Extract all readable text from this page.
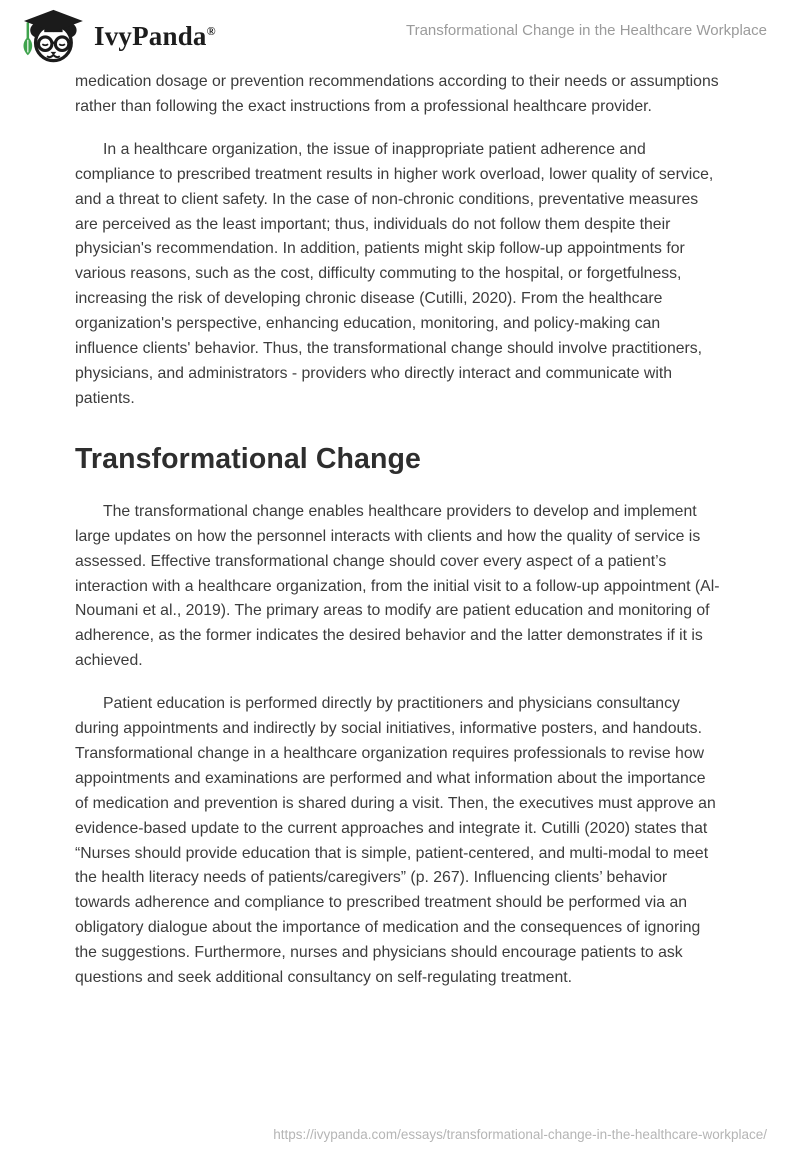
IvyPanda®	Transformational Change in the Healthcare Workplace

medication dosage or prevention recommendations according to their needs or assumptions rather than following the exact instructions from a professional healthcare provider.

In a healthcare organization, the issue of inappropriate patient adherence and compliance to prescribed treatment results in higher work overload, lower quality of service, and a threat to client safety. In the case of non-chronic conditions, preventative measures are perceived as the least important; thus, individuals do not follow them despite their physician's recommendation. In addition, patients might skip follow-up appointments for various reasons, such as the cost, difficulty commuting to the hospital, or forgetfulness, increasing the risk of developing chronic disease (Cutilli, 2020). From the healthcare organization's perspective, enhancing education, monitoring, and policy-making can influence clients' behavior. Thus, the transformational change should involve practitioners, physicians, and administrators - providers who directly interact and communicate with patients.

Transformational Change

The transformational change enables healthcare providers to develop and implement large updates on how the personnel interacts with clients and how the quality of service is assessed. Effective transformational change should cover every aspect of a patient’s interaction with a healthcare organization, from the initial visit to a follow-up appointment (Al-Noumani et al., 2019). The primary areas to modify are patient education and monitoring of adherence, as the former indicates the desired behavior and the latter demonstrates if it is achieved.

Patient education is performed directly by practitioners and physicians consultancy during appointments and indirectly by social initiatives, informative posters, and handouts. Transformational change in a healthcare organization requires professionals to revise how appointments and examinations are performed and what information about the importance of medication and prevention is shared during a visit. Then, the executives must approve an evidence-based update to the current approaches and integrate it. Cutilli (2020) states that “Nurses should provide education that is simple, patient-centered, and multi-modal to meet the health literacy needs of patients/caregivers” (p. 267). Influencing clients’ behavior towards adherence and compliance to prescribed treatment should be performed via an obligatory dialogue about the importance of medication and the consequences of ignoring the suggestions. Furthermore, nurses and physicians should encourage patients to ask questions and seek additional consultancy on self-regulating treatment.

https://ivypanda.com/essays/transformational-change-in-the-healthcare-workplace/
